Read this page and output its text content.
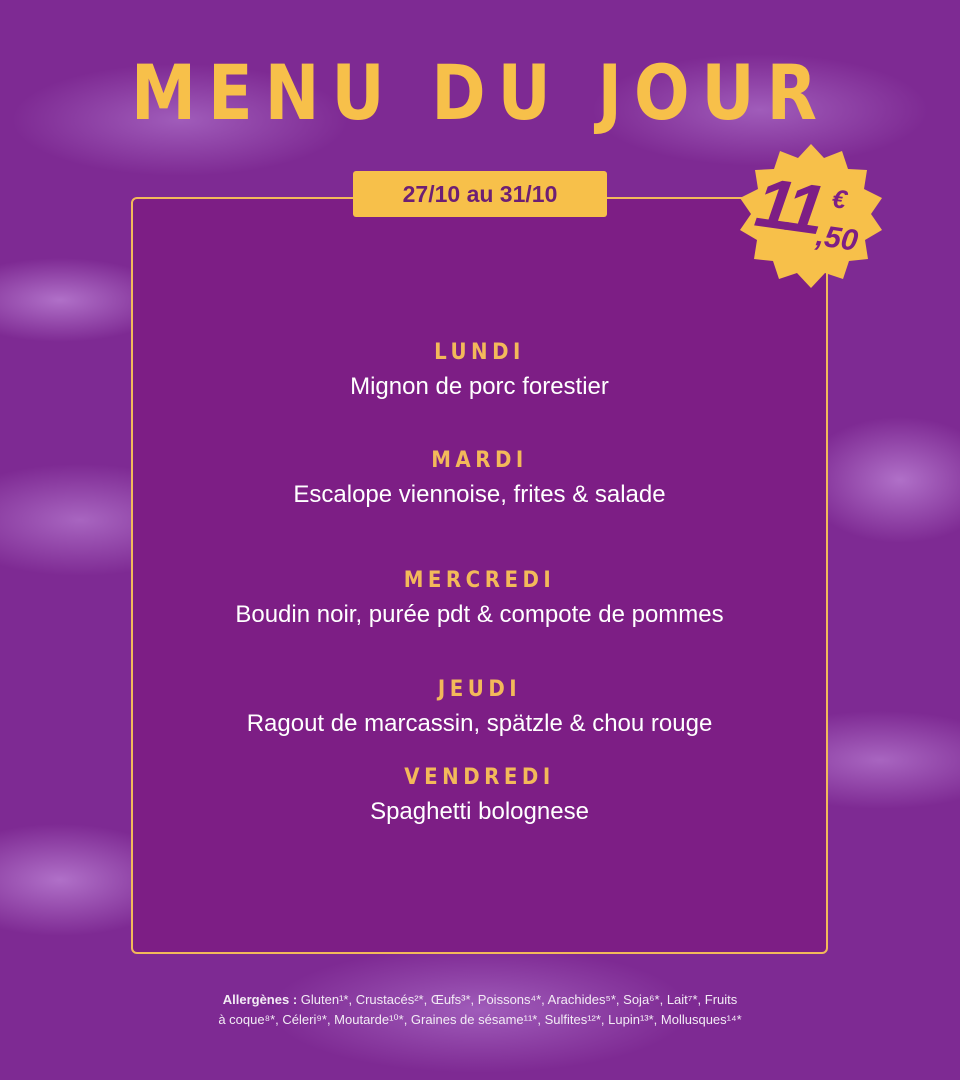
MENU DU JOUR
27/10 au 31/10	11 €
,50
LUNDI
Mignon de porc forestier
MARDI
Escalope viennoise, frites & salade
MERCREDI
Boudin noir, purée pdt & compote de pommes
JEUDI
Ragout de marcassin, spätzle & chou rouge
VENDREDI
Spaghetti bolognese
Allergènes : Gluten¹*, Crustacés²*, Œufs³*, Poissons⁴*, Arachides⁵*, Soja⁶*, Lait⁷*, Fruits
à coque⁸*, Céleri⁹*, Moutarde¹⁰*, Graines de sésame¹¹*, Sulfites¹²*, Lupin¹³*, Mollusques¹⁴*
